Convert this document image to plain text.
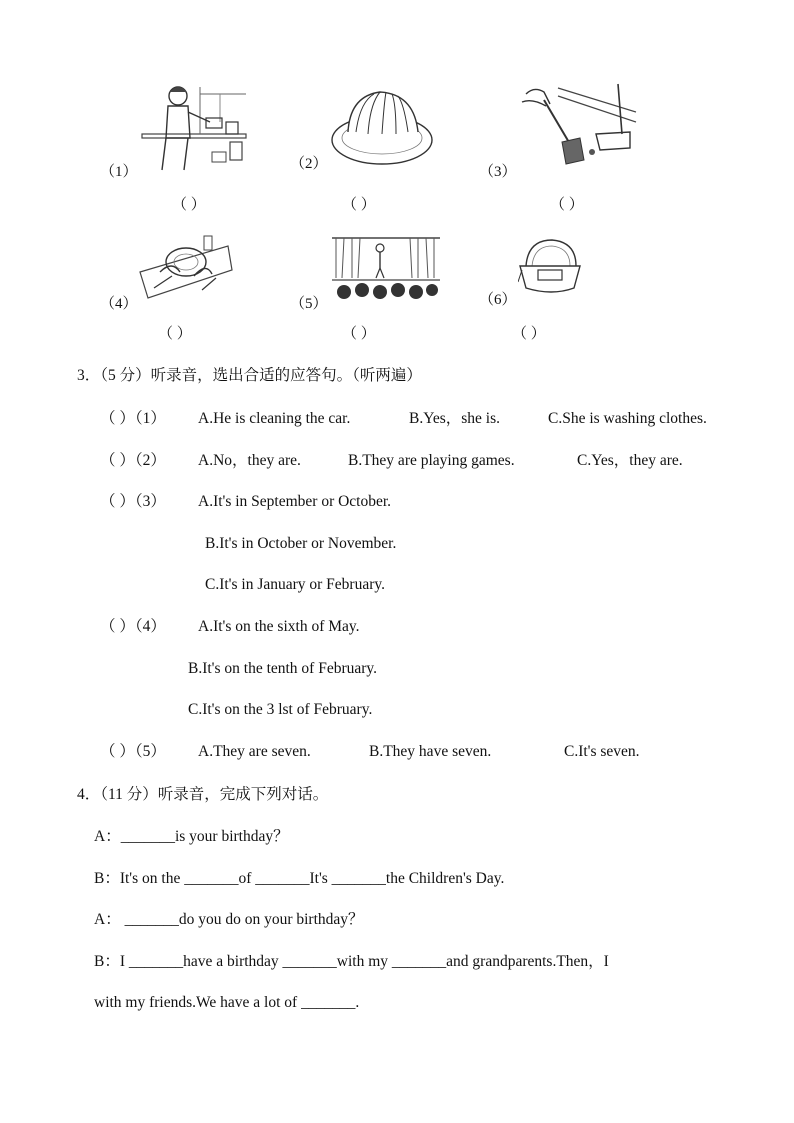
（1）
（ ）
（2）
（ ）
（3）
（ ）
（4）
（ ）
（5）
（ ）
（6）
（ ）
3．（5 分）听录音，选出合适的应答句。（听两遍）
（ ）（1） A.He is cleaning the car.	B.Yes，she is.	C.She is washing clothes.
（ ）（2） A.No，they are.	B.They are playing games.	C.Yes，they are.
（ ）（3） A.It's in September or October.
B.It's in October or November.
C.It's in January or February.
（ ）（4） A.It's on the sixth of May.
B.It's on the tenth of February.
C.It's on the 3 lst of February.
（ ）（5） A.They are seven.	B.They have seven.	C.It's seven.
4．（11 分）听录音，完成下列对话。
A：_______is your birthday？
B：It's on the _______of _______It's _______the Children's Day.
A： _______do you do on your birthday？
B：I _______have a birthday _______with my _______and grandparents.Then，I
with my friends.We have a lot of _______.
